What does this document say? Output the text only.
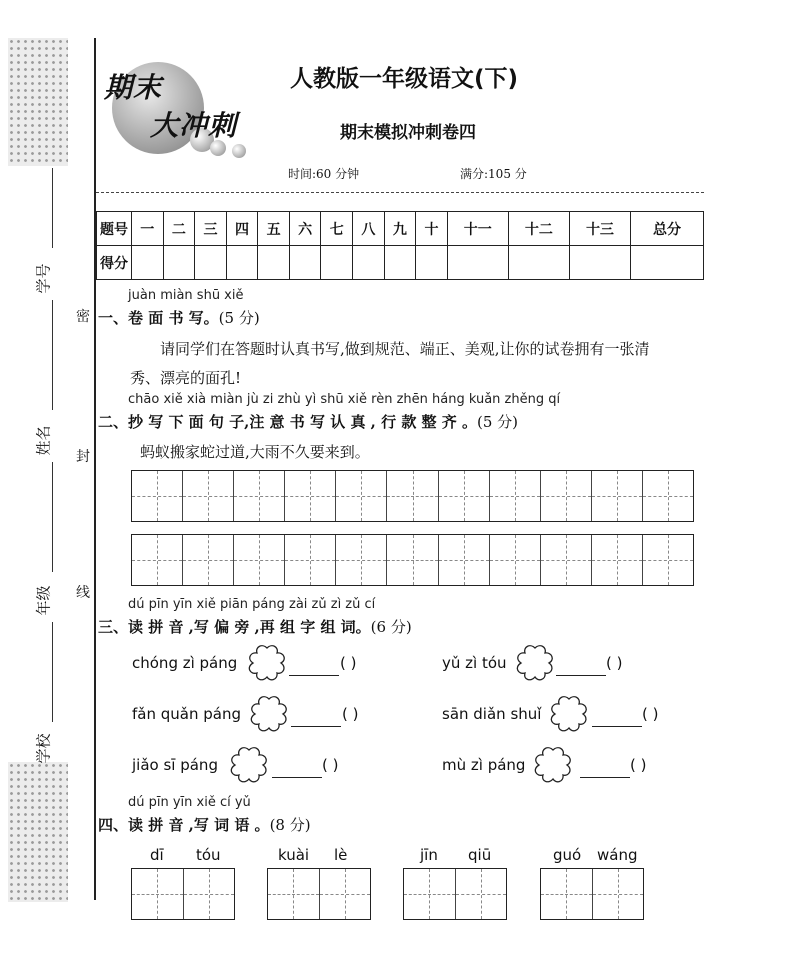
学号
姓名
年级
学校
密
封
线
期末
大冲刺
人教版一年级语文(下)
期末模拟冲刺卷四
时间:60 分钟	满分:105 分
题号	一	二	三	四	五	六	七	八	九	十	十一	十二	十三	总分
得分														
juàn miàn shū xiě
一、卷 面 书 写。(5 分)
请同学们在答题时认真书写,做到规范、端正、美观,让你的试卷拥有一张清
秀、漂亮的面孔!
chāo xiě xià miàn jù zi zhù yì shū xiě rèn zhēn háng kuǎn zhěng qí
二、抄 写 下 面 句 子,注 意 书 写 认 真 , 行 款 整 齐 。(5 分)
蚂蚁搬家蛇过道,大雨不久要来到。
dú pīn yīn xiě piān páng zài zǔ zì zǔ cí
三、读 拼 音 ,写 偏 旁 ,再 组 字 组 词。(6 分)
chóng zì páng	( )	yǔ zì tóu	( )
fǎn quǎn páng	( )	sān diǎn shuǐ	( )
jiǎo sī páng	( )	mù zì páng	( )
dú pīn yīn xiě cí yǔ
四、读 拼 音 ,写 词 语 。(8 分)
dī tóu	kuài lè	jīn qiū	guó wáng
